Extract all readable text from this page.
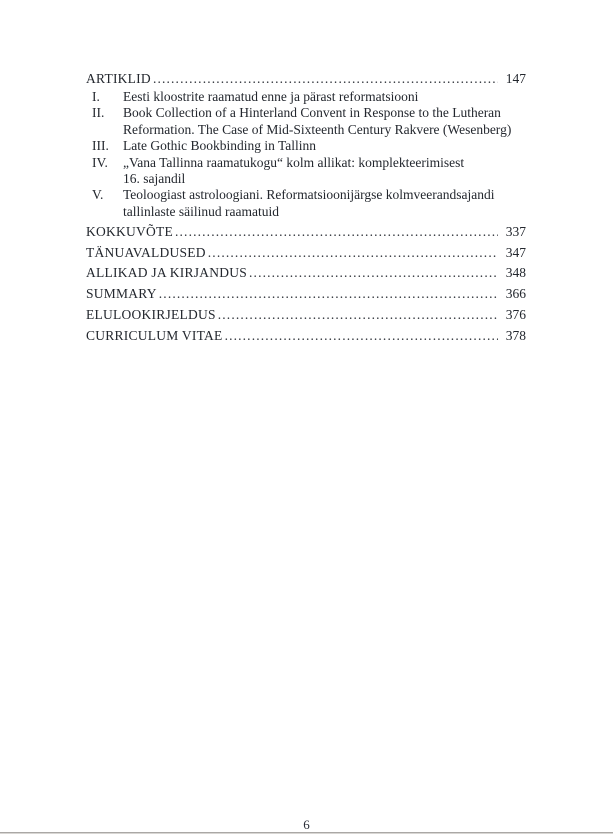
ARTIKLID .....	147
I.	Eesti kloostrite raamatud enne ja pärast reformatsiooni
II.	Book Collection of a Hinterland Convent in Response to the Lutheran
Reformation. The Case of Mid-Sixteenth Century Rakvere (Wesenberg)
III.	Late Gothic Bookbinding in Tallinn
IV.	„Vana Tallinna raamatukogu“ kolm allikat: komplekteerimisest
16. sajandil
V.	Teoloogiast astroloogiani. Reformatsioonijärgse kolmveerandsajandi
tallinlaste säilinud raamatuid
KOKKUVÕTE .....	337
TÄNUAVALDUSED .....	347
ALLIKAD JA KIRJANDUS .....	348
SUMMARY .....	366
ELULOOKIRJELDUS .....	376
CURRICULUM VITAE .....	378
6
